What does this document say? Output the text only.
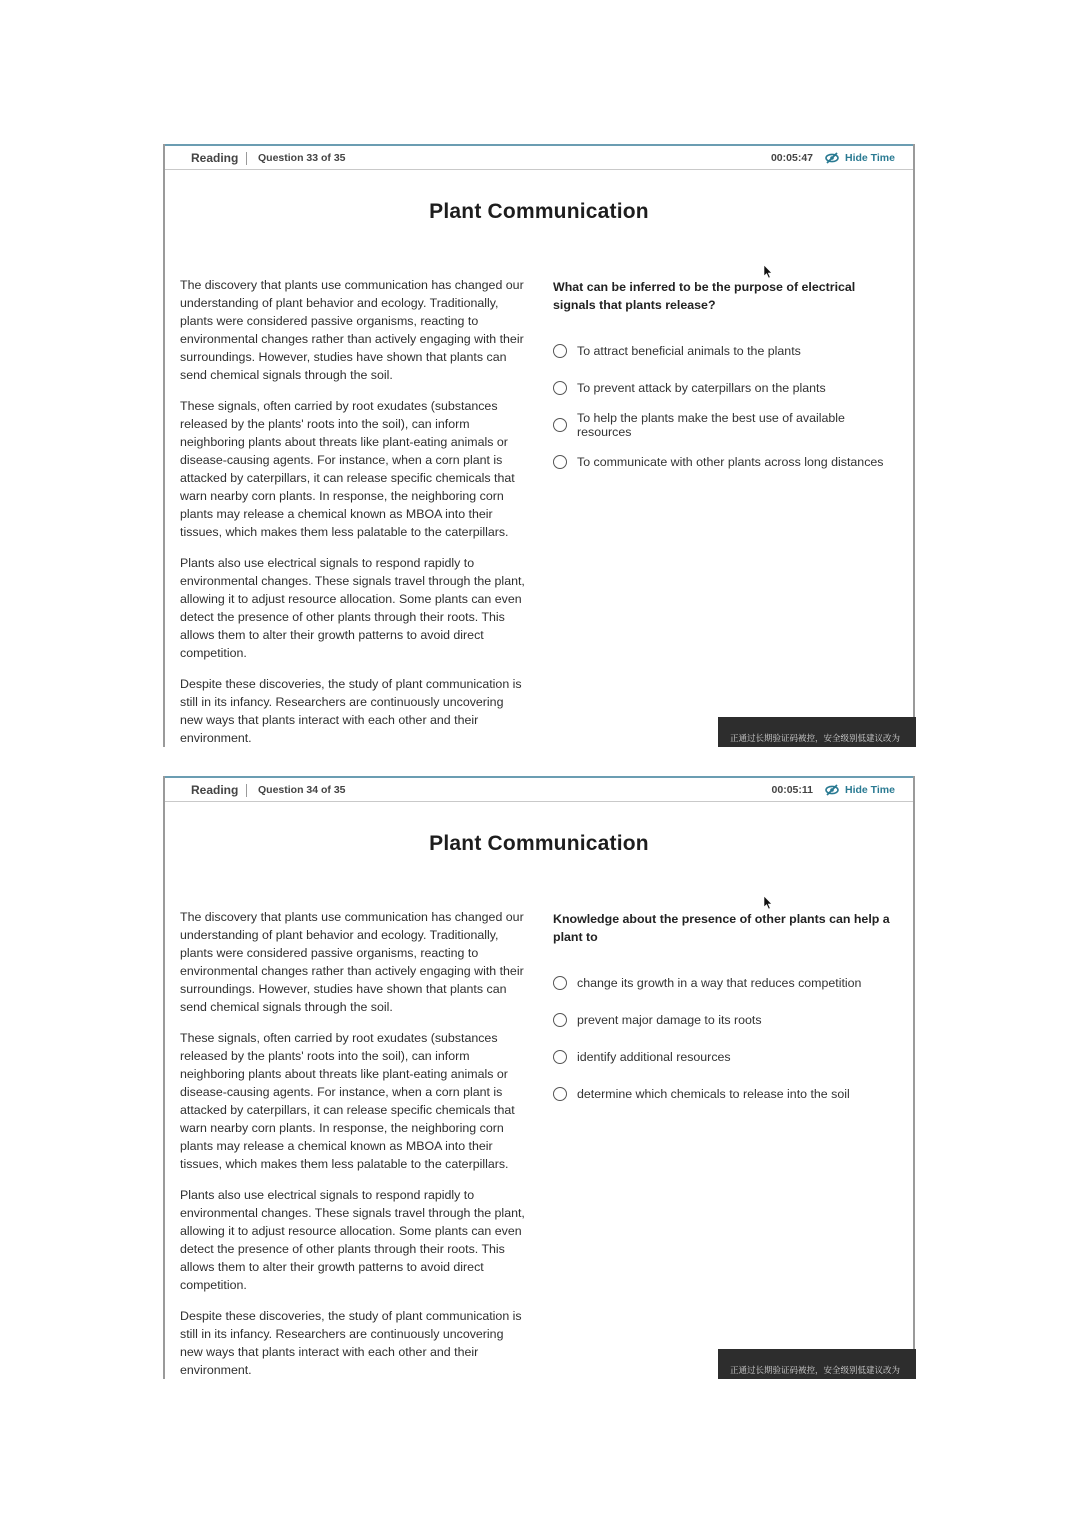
Reading Question 33 of 35	00:05:47	Hide Time
Plant Communication

The discovery that plants use communication has changed our understanding of plant behavior and ecology. Traditionally, plants were considered passive organisms, reacting to environmental changes rather than actively engaging with their surroundings. However, studies have shown that plants can send chemical signals through the soil.

These signals, often carried by root exudates (substances released by the plants' roots into the soil), can inform neighboring plants about threats like plant-eating animals or disease-causing agents. For instance, when a corn plant is attacked by caterpillars, it can release specific chemicals that warn nearby corn plants. In response, the neighboring corn plants may release a chemical known as MBOA into their tissues, which makes them less palatable to the caterpillars.

Plants also use electrical signals to respond rapidly to environmental changes. These signals travel through the plant, allowing it to adjust resource allocation. Some plants can even detect the presence of other plants through their roots. This allows them to alter their growth patterns to avoid direct competition.

Despite these discoveries, the study of plant communication is still in its infancy. Researchers are continuously uncovering new ways that plants interact with each other and their environment.

What can be inferred to be the purpose of electrical signals that plants release?
To attract beneficial animals to the plants
To prevent attack by caterpillars on the plants
To help the plants make the best use of available resources
To communicate with other plants across long distances
正通过长期验证码被控，安全级别低建议改为
Reading Question 34 of 35	00:05:11	Hide Time
Plant Communication

The discovery that plants use communication has changed our understanding of plant behavior and ecology. Traditionally, plants were considered passive organisms, reacting to environmental changes rather than actively engaging with their surroundings. However, studies have shown that plants can send chemical signals through the soil.

These signals, often carried by root exudates (substances released by the plants' roots into the soil), can inform neighboring plants about threats like plant-eating animals or disease-causing agents. For instance, when a corn plant is attacked by caterpillars, it can release specific chemicals that warn nearby corn plants. In response, the neighboring corn plants may release a chemical known as MBOA into their tissues, which makes them less palatable to the caterpillars.

Plants also use electrical signals to respond rapidly to environmental changes. These signals travel through the plant, allowing it to adjust resource allocation. Some plants can even detect the presence of other plants through their roots. This allows them to alter their growth patterns to avoid direct competition.

Despite these discoveries, the study of plant communication is still in its infancy. Researchers are continuously uncovering new ways that plants interact with each other and their environment.

Knowledge about the presence of other plants can help a plant to
change its growth in a way that reduces competition
prevent major damage to its roots
identify additional resources
determine which chemicals to release into the soil
正通过长期验证码被控，安全级别低建议改为
